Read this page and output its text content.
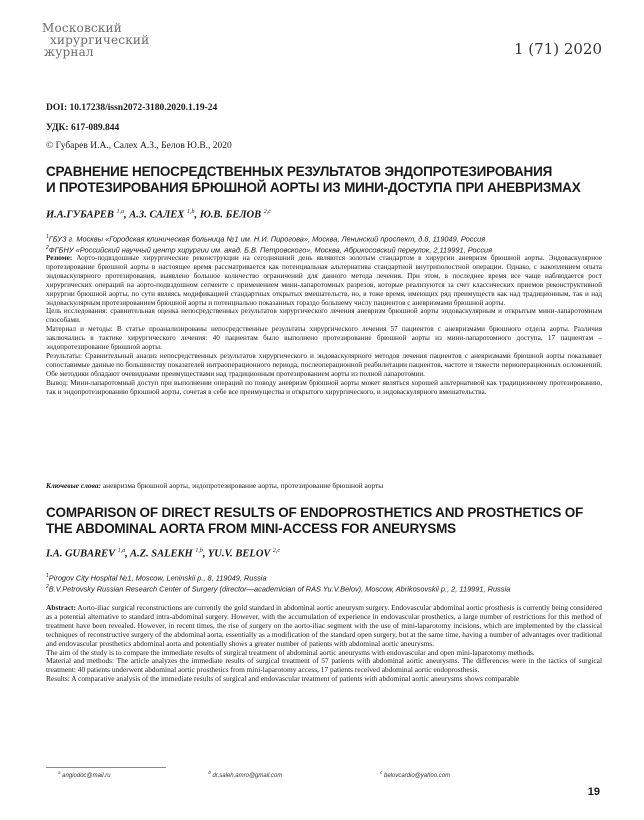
Московский
хирургический
журнал	1 (71) 2020
DOI: 10.17238/issn2072-3180.2020.1.19-24
УДК: 617-089.844
© Губарев И.А., Салех А.З., Белов Ю.В., 2020
СРАВНЕНИЕ НЕПОСРЕДСТВЕННЫХ РЕЗУЛЬТАТОВ ЭНДОПРОТЕЗИРОВАНИЯ
И ПРОТЕЗИРОВАНИЯ БРЮШНОЙ АОРТЫ ИЗ МИНИ-ДОСТУПА ПРИ АНЕВРИЗМАХ
И.А.ГУБАРЕВ $^{1,a}$, А.З. САЛЕХ $^{1,b}$, Ю.В. БЕЛОВ $^{2,c}$
$^1$ГБУЗ г. Москвы «Городская клиническая больница №1 им. Н.И. Пирогова», Москва, Ленинский проспект, д.8, 119049, Россия
$^2$ФГБНУ «Российский научный центр хирургии им. акад. Б.В. Петровского», Москва, Абрикосовский переулок, 2,119991, Россия

Резюме: Аорто-подвздошные хирургические реконструкции на сегодняшний день являются золотым стандартом в хирургии аневризм брюшной аорты. Эндоваскулярное протезирование брюшной аорты в настоящее время рассматривается как потенциальная альтернатива стандартной внутриполостной операции. Однако, с накоплением опыта эндоваскулярного протезирования, выявлено большое количество ограничений для данного метода лечения. При этом, в последнее время все чаще наблюдается рост хирургических операций на аорто-подвздошном сегменте с применением мини-лапаротомных разрезов, которые реализуются за счет классических приемов реконструктивной хирургии брюшной аорты, по сути являясь модификацией стандартных открытых вмешательств, но, в тоже время, имеющих ряд преимуществ как над традиционным, так и над эндоваскулярным протезированием брюшной аорты и потенциально показанных гораздо большему числу пациентов с аневризмами брюшной аорты.

Цель исследования: сравнительная оценка непосредственных результатов хирургического лечения аневризм брюшной аорты эндоваскулярным и открытым мини-лапаротомным способами.

Материал и методы: В статье проанализированы непосредственные результаты хирургического лечения 57 пациентов с аневризмами брюшного отдела аорты. Различия заключались в тактике хирургического лечения: 40 пациентам было выполнено протезирование брюшной аорты из мини-лапаротомного доступа, 17 пациентам – эндопротезирование брюшной аорты.

Результаты: Сравнительный анализ непосредственных результатов хирургического и эндоваскулярного методов лечения пациентов с аневризмами брюшной аорты показывает сопоставимые данные по большинству показателей интраоперационного периода, послеоперационной реабилитации пациентов, частоте и тяжести периоперационных осложнений. Обе методики обладают очевидными преимуществами над традиционным протезированием аорты из полной лапаротомии.

Вывод: Мини-лапаротомный доступ при выполнении операций по поводу аневризм брюшной аорты может являться хорошей альтернативой как традиционному протезированию, так и эндопротезированию брюшной аорты, сочетая в себе все преимущества и открытого хирургического, и эндоваскулярного вмешательства.

Ключевые слова: аневризма брюшной аорты, эндопротезирование аорты, протезирование брюшной аорты
COMPARISON OF DIRECT RESULTS OF ENDOPROSTHETICS AND PROSTHETICS OF
THE ABDOMINAL AORTA FROM MINI-ACCESS FOR ANEURYSMS
I.A. GUBAREV $^{1,a}$, A.Z. SALEKH $^{1,b}$, YU.V. BELOV $^{2,c}$
$^1$Pirogov City Hospital №1, Moscow, Leninskii p., 8, 119049, Russia
$^2$B.V.Petrovsky Russian Research Center of Surgery (director—academician of RAS Yu.V.Belov), Moscow, Abrikosovskii p., 2, 119991, Russia

Abstract: Aorto-iliac surgical reconstructions are currently the gold standard in abdominal aortic aneurysm surgery. Endovascular abdominal aortic prosthesis is currently being considered as a potential alternative to standard intra-abdominal surgery. However, with the accumulation of experience in endovascular prosthetics, a large number of restrictions for this method of treatment have been revealed. However, in recent times, the rise of surgery on the aorto-iliac segment with the use of mini-laparotomy incisions, which are implemented by the classical techniques of reconstructive surgery of the abdominal aorta, essentially as a modification of the standard open surgery, but at the same time, having a number of advantages over traditional and endovascular prosthetics abdominal aorta and potentially shows a greater number of patients with abdominal aortic aneurysms.

The aim of the study is to compare the immediate results of surgical treatment of abdominal aortic aneurysms with endovascular and open mini-laparotomy methods.

Material and methods: The article analyzes the immediate results of surgical treatment of 57 patients with abdominal aortic aneurysms. The differences were in the tactics of surgical treatment: 40 patients underwent abdominal aortic prosthetics from mini-laparotomy access, 17 patients received abdominal aortic endoprosthesis.

Results: A comparative analysis of the immediate results of surgical and endovascular treatment of patients with abdominal aortic aneurysms shows comparable

$^a$ angiodoc@mail.ru $^b$ dr.saleh.amro@gmail.com $^c$ belovcardio@yahoo.com
19
